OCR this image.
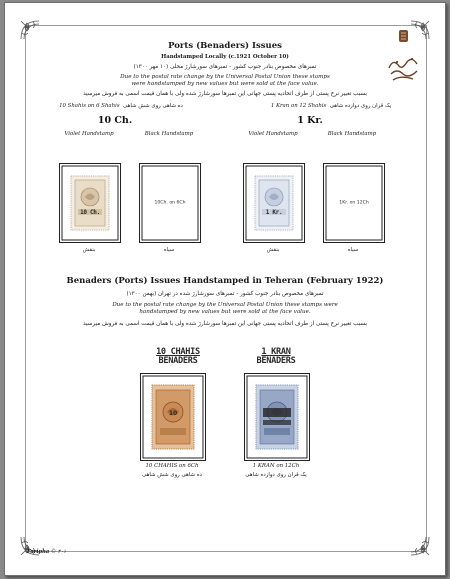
Ports (Benaders) Issues
Handstamped Locally (c.1921 October 10)
تمبرهای مخصوص بنادر جنوب کشور - تمبرهای سورشارژ محلی (۱۰ مهر ۱۳۰۰)
Due to the postal rate change by the Universal Postal Union these stamps
were handstamped by new values but were sold at the face value.
بسبب تغییر نرخ پستی از طرف اتحادیه پستی جهانی این تمبرها سورشارژ شده ولی با همان قیمت اسمی به فروش میرسید
10 Shahis on 6 Shahis ده شاهی روی شش شاهی	1 Kran on 12 Shahis یک قران روی دوازده شاهی
10 Ch.	1 Kr.
Violet Handstamp	Black Handstamp	Violet Handstamp	Black Handstamp
10 Ch.
10Ch. on 6Ch
1 Kr.
1Kr. on 12Ch
بنفش	سیاه	بنفش	سیاه
Benaders (Ports) Issues Handstamped in Teheran (February 1922)
تمبرهای مخصوص بنادر جنوب کشور - تمبرهای سورشارژ شده در تهران (بهمن ۱۳۰۰)
Due to the postal rate change by the Universal Postal Union these stamps were
handstamped by new values but were sold at the face value.
بسبب تغییر نرخ پستی از طرف اتحادیه پستی جهانی این تمبرها سورشارژ شده ولی با همان قیمت اسمی به فروش میرسید
10 CHAHIS
BENADERS
1 KRAN
BENADERS
10
10 CHAHIS on 6Ch
ده شاهی روی شش شاهی
1 KRAN on 12Ch
یک قران روی دوازده شاهی
Faripha © ۴۰۱
